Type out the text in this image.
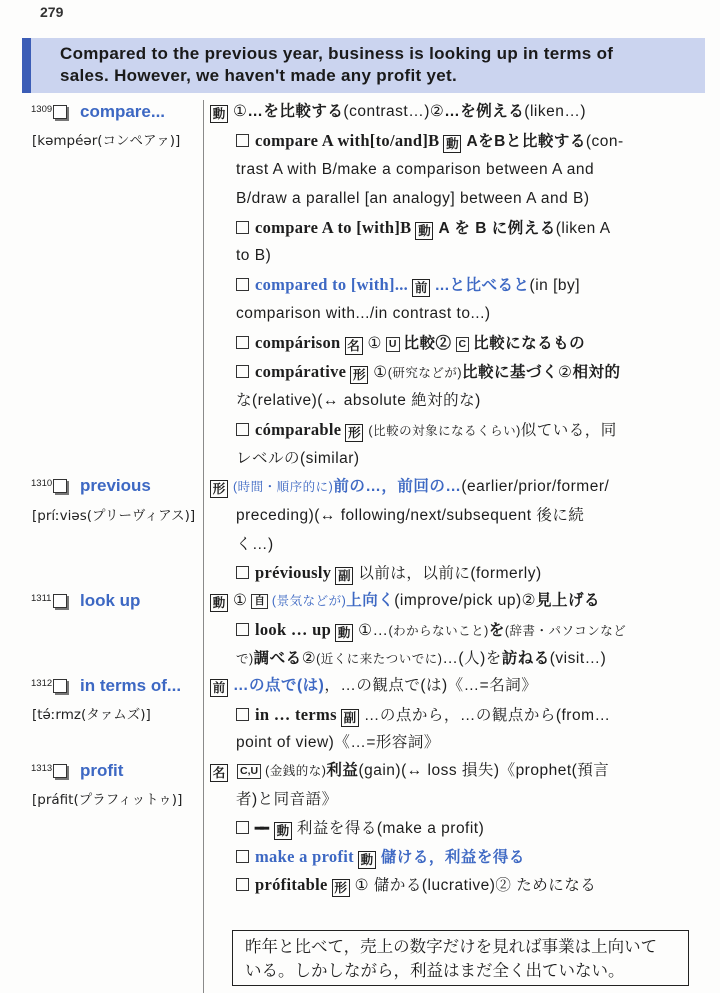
279
Compared to the previous year, business is looking up in terms of
sales. However, we haven't made any profit yet.
1309 compare...
[kəmpéər(コンペアァ)]
動 ①…を比較する(contrast…)②…を例える(liken…)
compare A with[to/and]B 動 AをBと比較する(con-
trast A with B/make a comparison between A and
B/draw a parallel [an analogy] between A and B)
compare A to [with]B 動 A を B に例える(liken A
to B)
compared to [with]... 前 ...と比べると(in [by]
comparison with.../in contrast to...)
compárison 名 ① U 比較② C 比較になるもの
compárative 形 ①(研究などが)比較に基づく②相対的
な(relative)(↔ absolute 絶対的な)
cómparable 形 (比較の対象になるくらい)似ている，同
レベルの(similar)
1310 previous
[príːviəs(プリーヴィアス)]
形 (時間・順序的に)前の…，前回の…(earlier/prior/former/
preceding)(↔ following/next/subsequent 後に続
く…)
préviously 副 以前は，以前に(formerly)
1311 look up	動 ① 自 (景気などが)上向く(improve/pick up)②見上げる
look … up 動 ①…(わからないこと)を(辞書・パソコンなど
で)調べる②(近くに来たついでに)…(人)を訪ねる(visit…)
1312 in terms of...
[tə́ːrmz(タァムズ)]
前 …の点で(は)，…の観点で(は)《…=名詞》
in … terms 副 …の点から，…の観点から(from…
point of view)《…=形容詞》
1313 profit
[práfit(プラフィットゥ)]
名 C,U (金銭的な)利益(gain)(↔ loss 損失)《prophet(預言
者)と同音語》
━━ 動 利益を得る(make a profit)
make a profit 動 儲ける，利益を得る
prófitable 形 ① 儲かる(lucrative)② ためになる
昨年と比べて，売上の数字だけを見れば事業は上向いて
いる。しかしながら，利益はまだ全く出ていない。
